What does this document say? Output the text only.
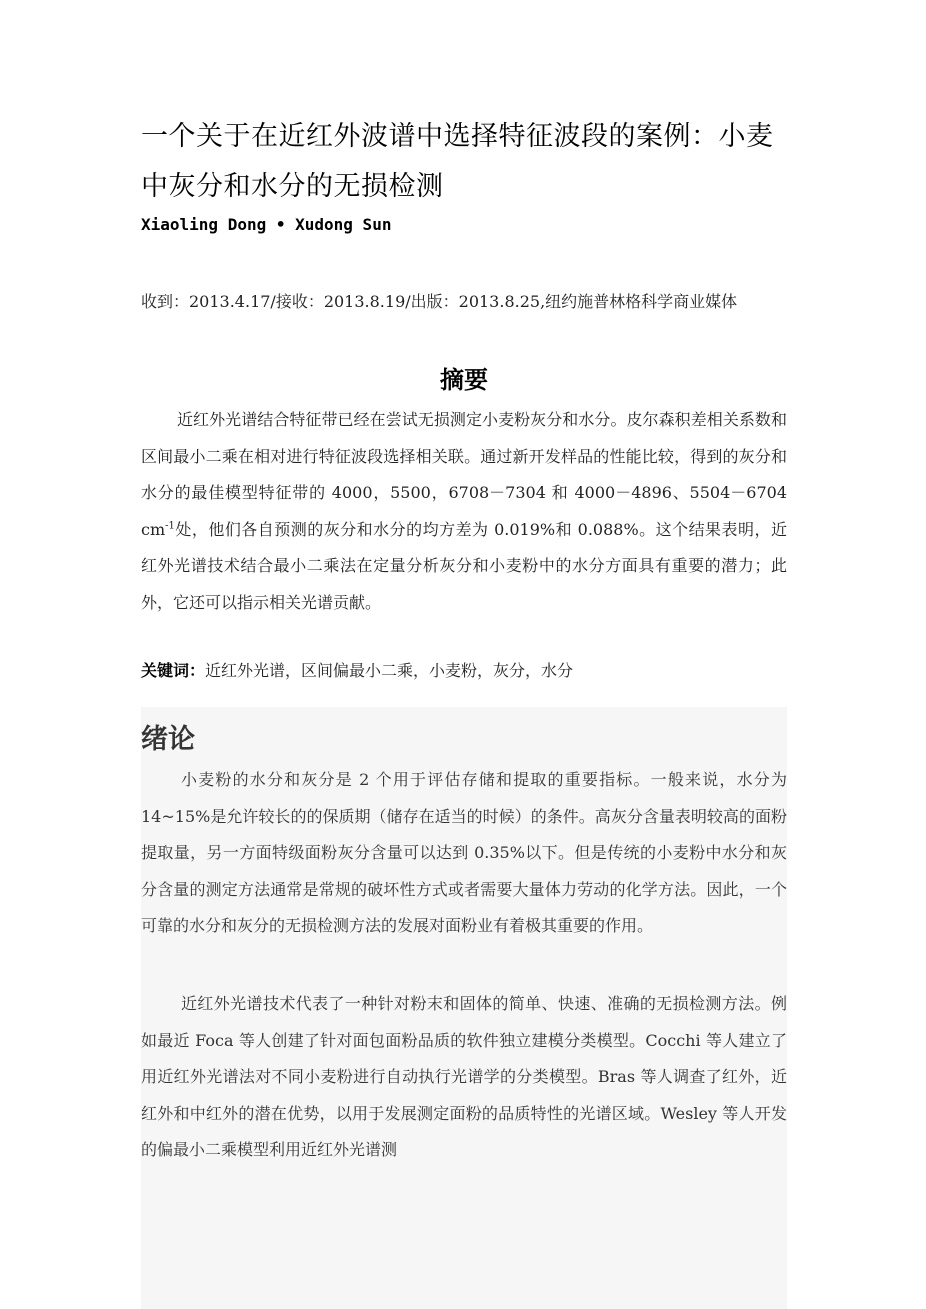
一个关于在近红外波谱中选择特征波段的案例：小麦中灰分和水分的无损检测
Xiaoling Dong • Xudong Sun
收到：2013.4.17/接收：2013.8.19/出版：2013.8.25,纽约施普林格科学商业媒体
摘要
近红外光谱结合特征带已经在尝试无损测定小麦粉灰分和水分。皮尔森积差相关系数和区间最小二乘在相对进行特征波段选择相关联。通过新开发样品的性能比较，得到的灰分和水分的最佳模型特征带的 4000，5500，6708－7304 和 4000－4896、5504－6704 $cm^{-1}$处，他们各自预测的灰分和水分的均方差为 0.019%和 0.088%。这个结果表明，近红外光谱技术结合最小二乘法在定量分析灰分和小麦粉中的水分方面具有重要的潜力；此外，它还可以指示相关光谱贡献。
关键词：近红外光谱，区间偏最小二乘，小麦粉，灰分，水分
绪论
小麦粉的水分和灰分是 2 个用于评估存储和提取的重要指标。一般来说，水分为 14~15%是允许较长的的保质期（储存在适当的时候）的条件。高灰分含量表明较高的面粉提取量，另一方面特级面粉灰分含量可以达到 0.35%以下。但是传统的小麦粉中水分和灰分含量的测定方法通常是常规的破坏性方式或者需要大量体力劳动的化学方法。因此，一个可靠的水分和灰分的无损检测方法的发展对面粉业有着极其重要的作用。
近红外光谱技术代表了一种针对粉末和固体的简单、快速、准确的无损检测方法。例如最近 Foca 等人创建了针对面包面粉品质的软件独立建模分类模型。Cocchi 等人建立了用近红外光谱法对不同小麦粉进行自动执行光谱学的分类模型。Bras 等人调查了红外，近红外和中红外的潜在优势，以用于发展测定面粉的品质特性的光谱区域。Wesley 等人开发的偏最小二乘模型利用近红外光谱测
